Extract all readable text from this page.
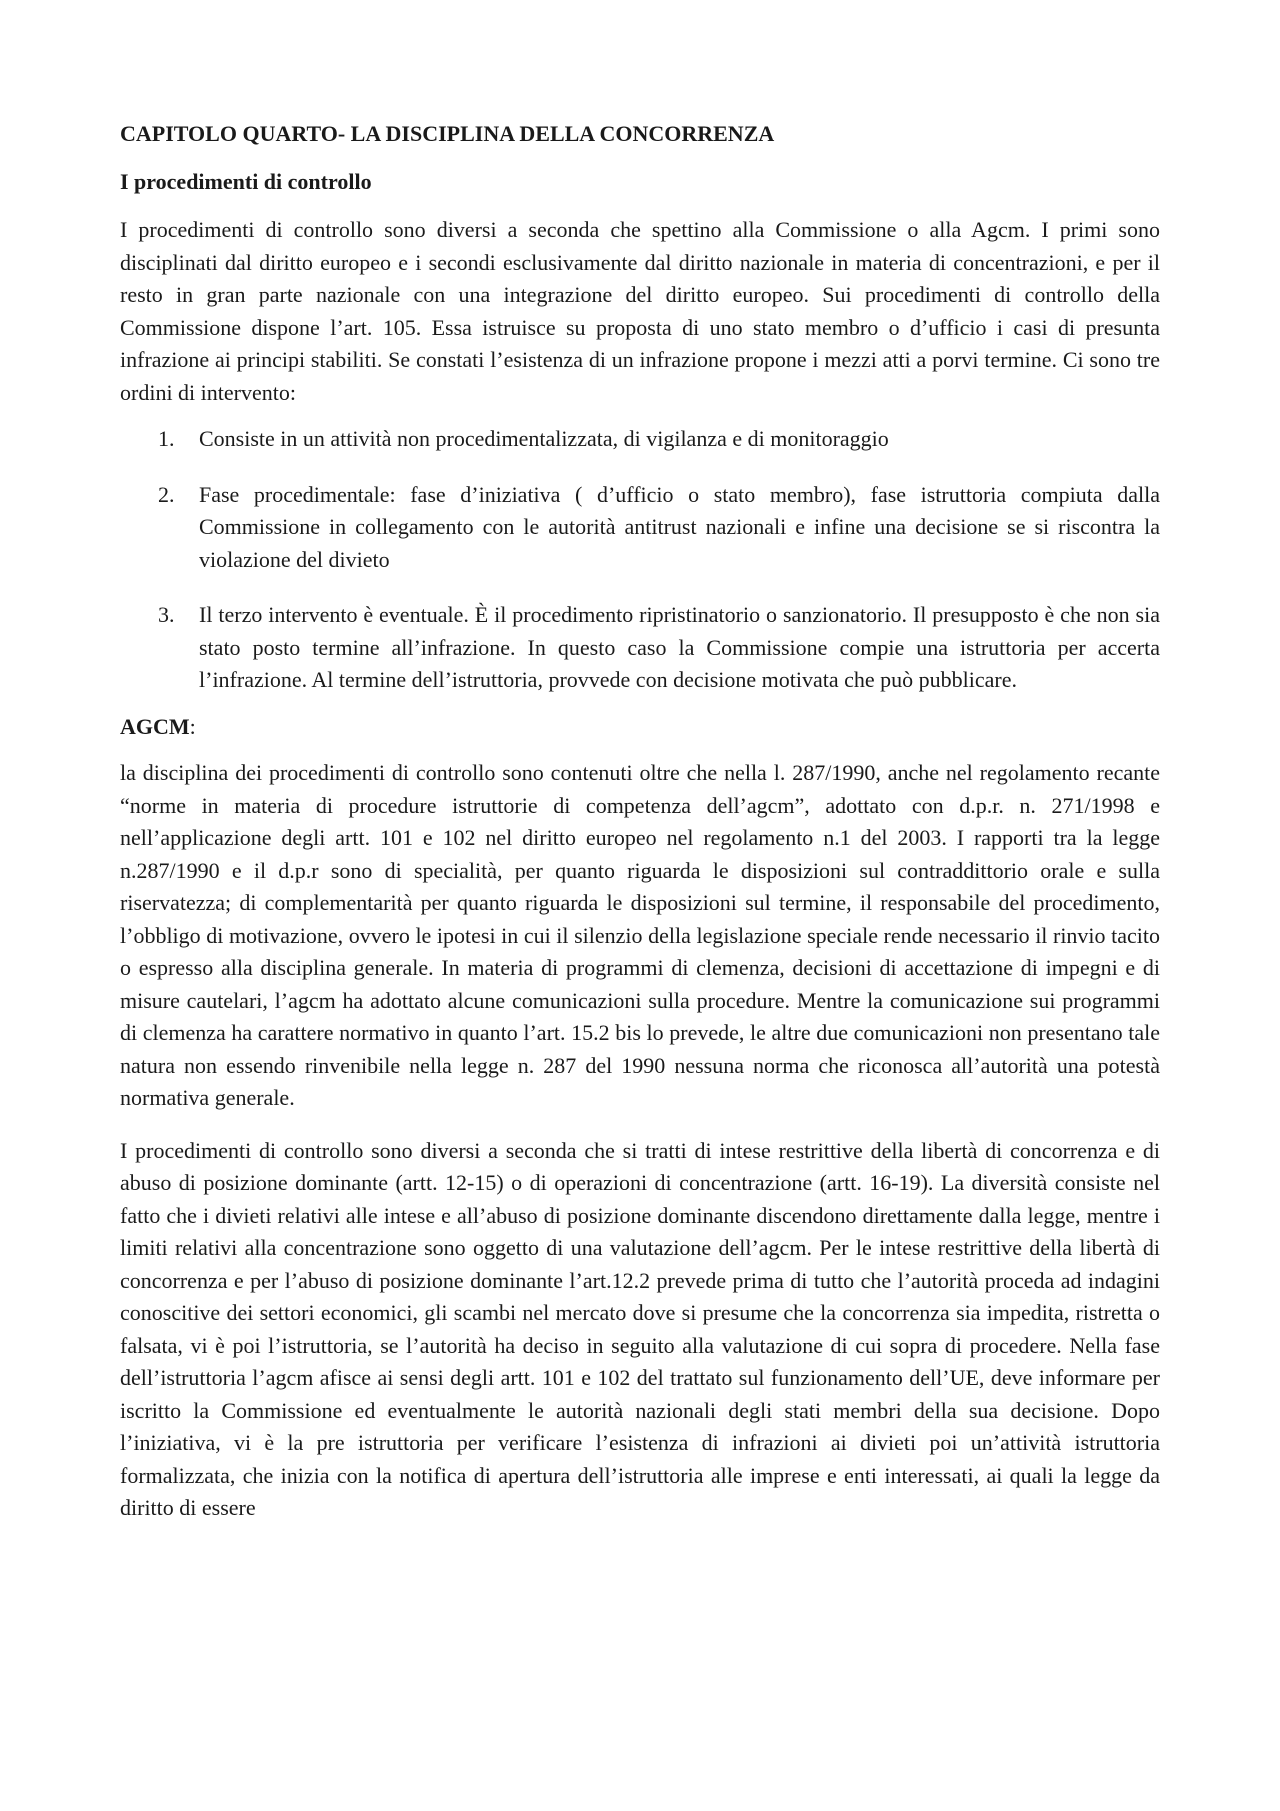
CAPITOLO QUARTO- LA DISCIPLINA DELLA CONCORRENZA
I procedimenti di controllo

I procedimenti di controllo sono diversi a seconda che spettino alla Commissione o alla Agcm. I primi sono disciplinati dal diritto europeo e i secondi esclusivamente dal diritto nazionale in materia di concentrazioni, e per il resto in gran parte nazionale con una integrazione del diritto europeo. Sui procedimenti di controllo della Commissione dispone l’art. 105. Essa istruisce su proposta di uno stato membro o d’ufficio i casi di presunta infrazione ai principi stabiliti. Se constati l’esistenza di un infrazione propone i mezzi atti a porvi termine. Ci sono tre ordini di intervento:

1. Consiste in un attività non procedimentalizzata, di vigilanza e di monitoraggio
2. Fase procedimentale: fase d’iniziativa ( d’ufficio o stato membro), fase istruttoria compiuta dalla Commissione in collegamento con le autorità antitrust nazionali e infine una decisione se si riscontra la violazione del divieto
3. Il terzo intervento è eventuale. È il procedimento ripristinatorio o sanzionatorio. Il presupposto è che non sia stato posto termine all’infrazione. In questo caso la Commissione compie una istruttoria per accerta l’infrazione. Al termine dell’istruttoria, provvede con decisione motivata che può pubblicare.
AGCM:

la disciplina dei procedimenti di controllo sono contenuti oltre che nella l. 287/1990, anche nel regolamento recante “norme in materia di procedure istruttorie di competenza dell’agcm”, adottato con d.p.r. n. 271/1998 e nell’applicazione degli artt. 101 e 102 nel diritto europeo nel regolamento n.1 del 2003. I rapporti tra la legge n.287/1990 e il d.p.r sono di specialità, per quanto riguarda le disposizioni sul contraddittorio orale e sulla riservatezza; di complementarità per quanto riguarda le disposizioni sul termine, il responsabile del procedimento, l’obbligo di motivazione, ovvero le ipotesi in cui il silenzio della legislazione speciale rende necessario il rinvio tacito o espresso alla disciplina generale. In materia di programmi di clemenza, decisioni di accettazione di impegni e di misure cautelari, l’agcm ha adottato alcune comunicazioni sulla procedure. Mentre la comunicazione sui programmi di clemenza ha carattere normativo in quanto l’art. 15.2 bis lo prevede, le altre due comunicazioni non presentano tale natura non essendo rinvenibile nella legge n. 287 del 1990 nessuna norma che riconosca all’autorità una potestà normativa generale.

I procedimenti di controllo sono diversi a seconda che si tratti di intese restrittive della libertà di concorrenza e di abuso di posizione dominante (artt. 12-15) o di operazioni di concentrazione (artt. 16-19). La diversità consiste nel fatto che i divieti relativi alle intese e all’abuso di posizione dominante discendono direttamente dalla legge, mentre i limiti relativi alla concentrazione sono oggetto di una valutazione dell’agcm. Per le intese restrittive della libertà di concorrenza e per l’abuso di posizione dominante l’art.12.2 prevede prima di tutto che l’autorità proceda ad indagini conoscitive dei settori economici, gli scambi nel mercato dove si presume che la concorrenza sia impedita, ristretta o falsata, vi è poi l’istruttoria, se l’autorità ha deciso in seguito alla valutazione di cui sopra di procedere. Nella fase dell’istruttoria l’agcm afisce ai sensi degli artt. 101 e 102 del trattato sul funzionamento dell’UE, deve informare per iscritto la Commissione ed eventualmente le autorità nazionali degli stati membri della sua decisione. Dopo l’iniziativa, vi è la pre istruttoria per verificare l’esistenza di infrazioni ai divieti poi un’attività istruttoria formalizzata, che inizia con la notifica di apertura dell’istruttoria alle imprese e enti interessati, ai quali la legge da diritto di essere
